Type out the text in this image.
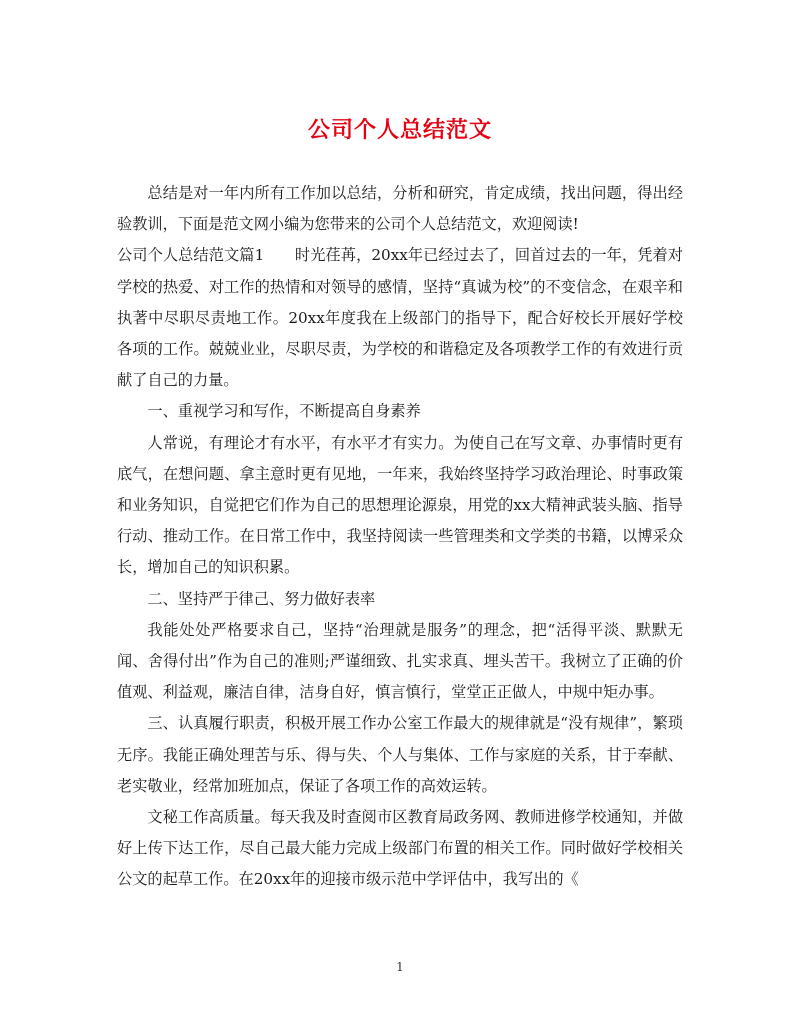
公司个人总结范文

总结是对一年内所有工作加以总结，分析和研究，肯定成绩，找出问题，得出经验教训，下面是范文网小编为您带来的公司个人总结范文，欢迎阅读!

公司个人总结范文篇1　　时光荏苒，20xx年已经过去了，回首过去的一年，凭着对学校的热爱、对工作的热情和对领导的感情，坚持“真诚为校”的不变信念，在艰辛和执著中尽职尽责地工作。20xx年度我在上级部门的指导下，配合好校长开展好学校各项的工作。兢兢业业，尽职尽责，为学校的和谐稳定及各项教学工作的有效进行贡献了自己的力量。

一、重视学习和写作，不断提高自身素养

人常说，有理论才有水平，有水平才有实力。为使自己在写文章、办事情时更有底气，在想问题、拿主意时更有见地，一年来，我始终坚持学习政治理论、时事政策和业务知识，自觉把它们作为自己的思想理论源泉，用党的xx大精神武装头脑、指导行动、推动工作。在日常工作中，我坚持阅读一些管理类和文学类的书籍，以博采众长，增加自己的知识积累。

二、坚持严于律己、努力做好表率

我能处处严格要求自己，坚持“治理就是服务”的理念，把“活得平淡、默默无闻、舍得付出”作为自己的准则;严谨细致、扎实求真、埋头苦干。我树立了正确的价值观、利益观，廉洁自律，洁身自好，慎言慎行，堂堂正正做人，中规中矩办事。

三、认真履行职责，积极开展工作办公室工作最大的规律就是“没有规律”，繁琐无序。我能正确处理苦与乐、得与失、个人与集体、工作与家庭的关系，甘于奉献、老实敬业，经常加班加点，保证了各项工作的高效运转。

文秘工作高质量。每天我及时查阅市区教育局政务网、教师进修学校通知，并做好上传下达工作，尽自己最大能力完成上级部门布置的相关工作。同时做好学校相关公文的起草工作。在20xx年的迎接市级示范中学评估中，我写出的《

1
